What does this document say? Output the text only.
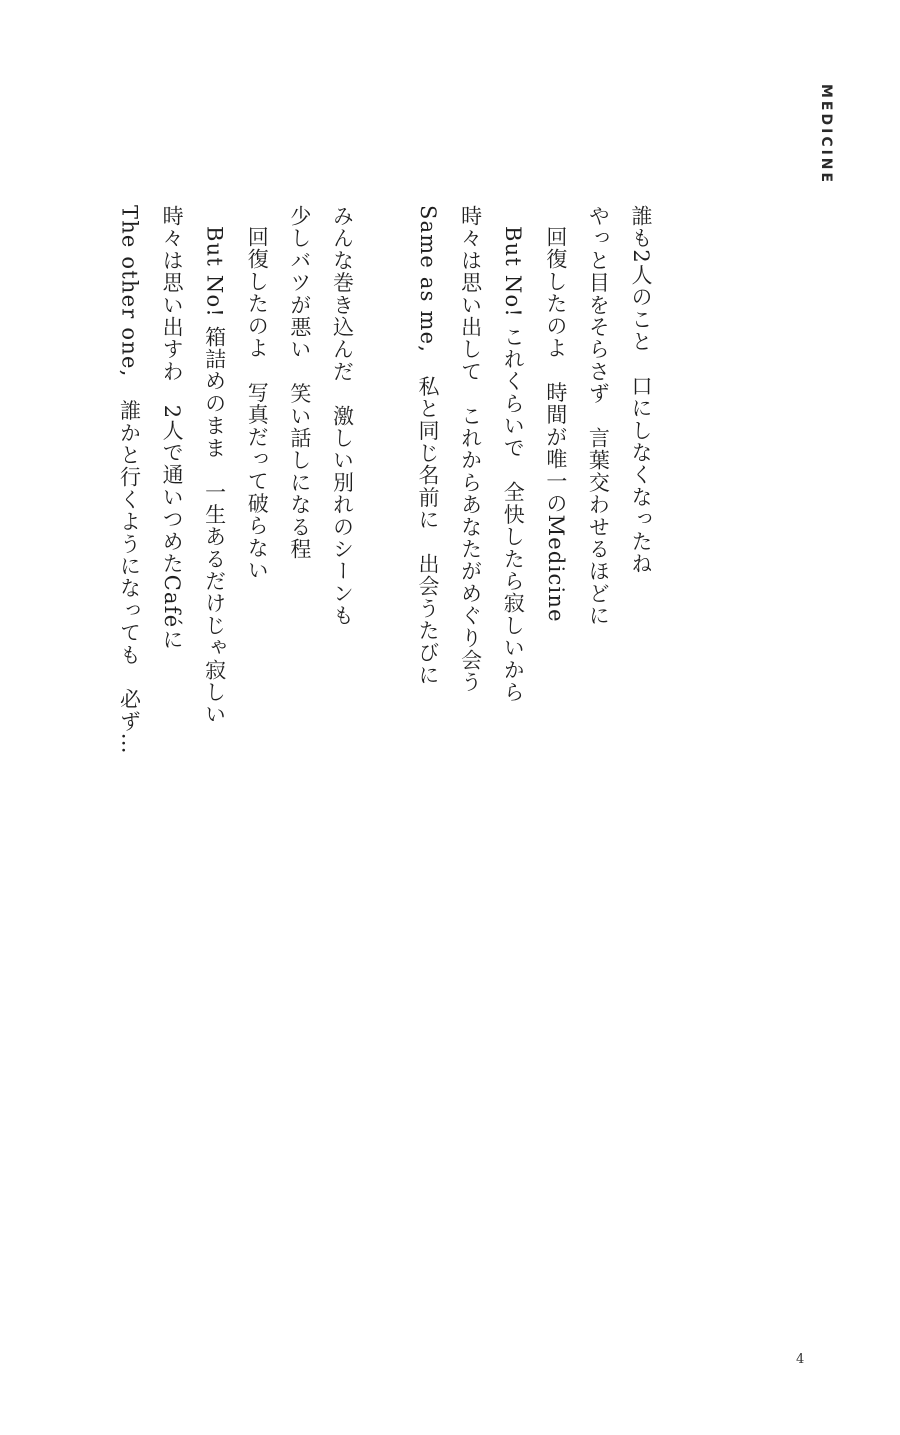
MEDICINE
誰も2人のこと　口にしなくなったね
やっと目をそらさず　言葉交わせるほどに
回復したのよ　時間が唯一のMedicine
But No! これくらいで　全快したら寂しいから
時々は思い出して　これからあなたがめぐり会う
Same as me,　私と同じ名前に　出会うたびに
みんな巻き込んだ　激しい別れのシーンも
少しバツが悪い　笑い話しになる程
回復したのよ　写真だって破らない
But No! 箱詰めのまま　一生あるだけじゃ寂しい
時々は思い出すわ　2人で通いつめたCaféに
The other one,　誰かと行くようになっても　必ず…

4
